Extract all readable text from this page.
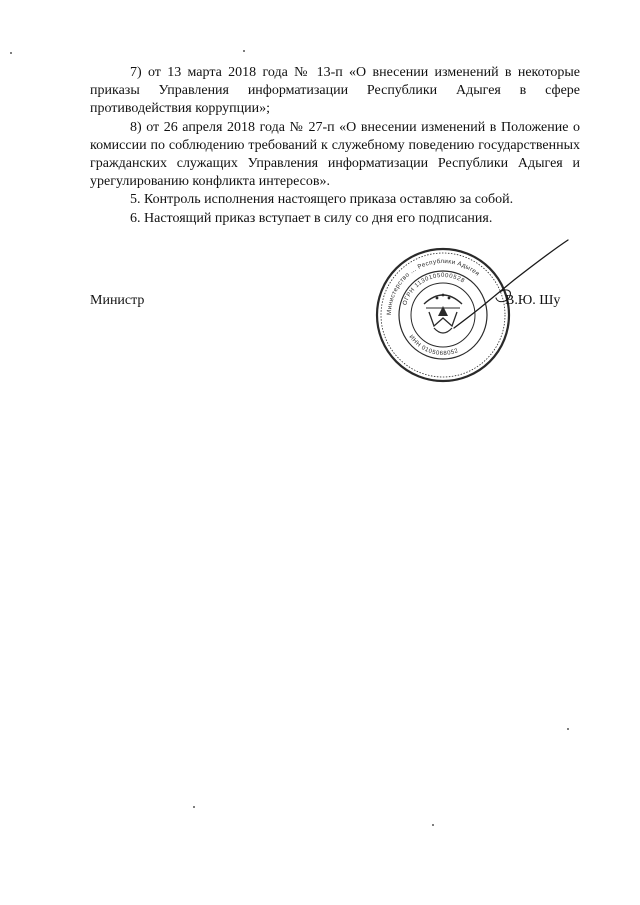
7) от 13 марта 2018 года № 13-п «О внесении изменений в некоторые приказы Управления информатизации Республики Адыгея в сфере противодействия коррупции»;

8) от 26 апреля 2018 года № 27-п «О внесении изменений в Положение о комиссии по соблюдению требований к служебному поведению государственных гражданских служащих Управления информатизации Республики Адыгея и урегулированию конфликта интересов».

5. Контроль исполнения настоящего приказа оставляю за собой.

6. Настоящий приказ вступает в силу со дня его подписания.

Министр
Министерство ... Республики Адыгея
ОГРН 1130105000528
ИНН 0105068052
В.Ю. Шу
